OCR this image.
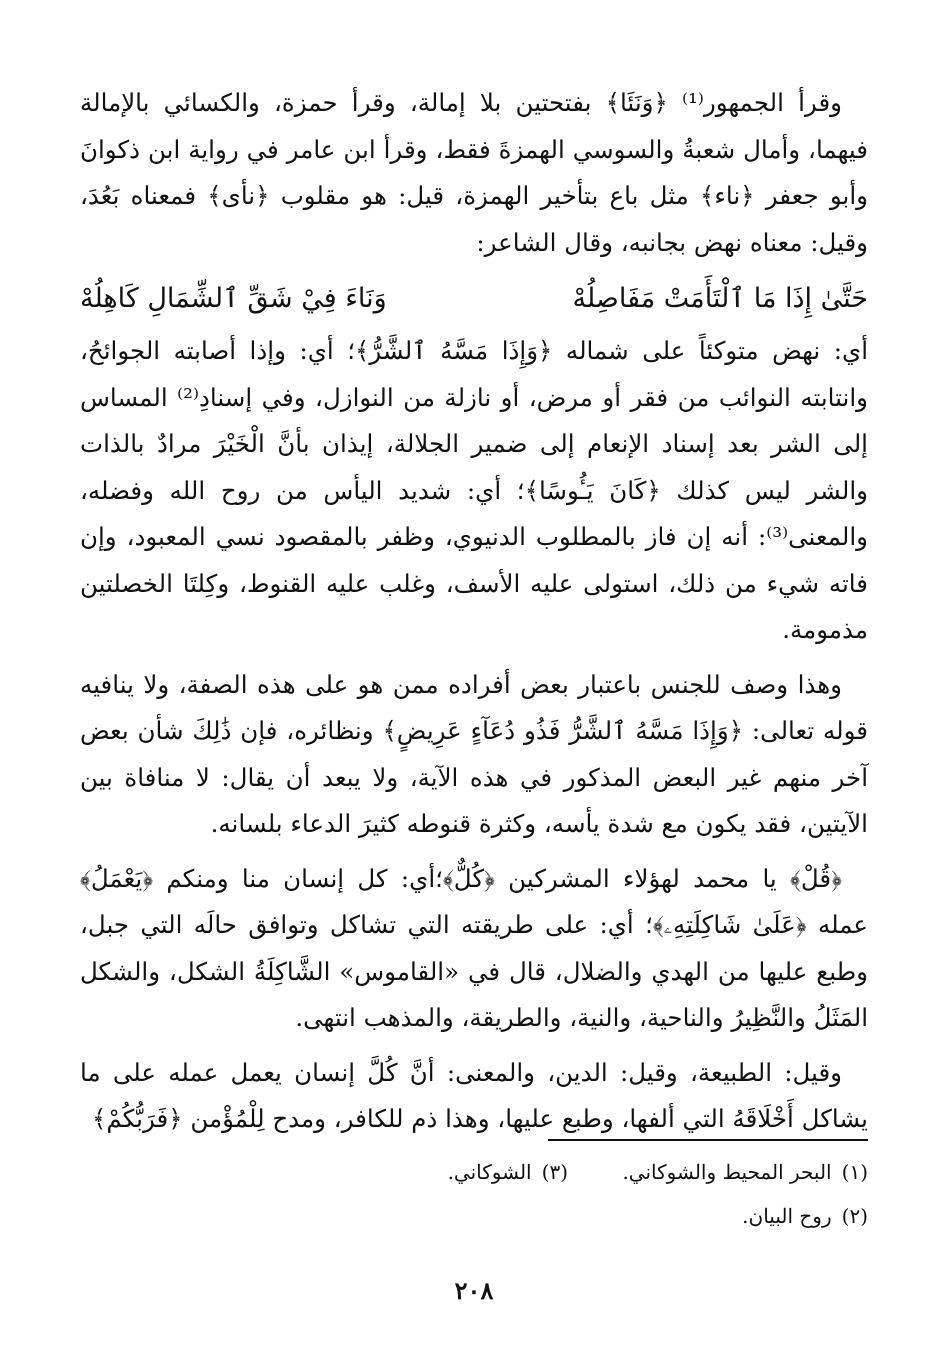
وقرأ الجمهور⁽¹⁾ ﴿وَنَئَا﴾ بفتحتين بلا إمالة، وقرأ حمزة، والكسائي بالإمالة فيهما، وأمال شعبةُ والسوسي الهمزةَ فقط، وقرأ ابن عامر في رواية ابن ذكوانَ وأبو جعفر ﴿ناء﴾ مثل باع بتأخير الهمزة، قيل: هو مقلوب ﴿نأى﴾ فمعناه بَعُدَ، وقيل: معناه نهض بجانبه، وقال الشاعر:

حَتَّىٰ إِذَا مَا ٱلْتَأَمَتْ مَفَاصِلُهْ
وَنَاءَ فِيْ شَقِّ ٱلشِّمَالِ كَاهِلُهْ

أي: نهض متوكئاً على شماله ﴿وَإِذَا مَسَّهُ ٱلشَّرُّ﴾؛ أي: وإذا أصابته الجوائحُ، وانتابته النوائب من فقر أو مرض، أو نازلة من النوازل، وفي إسنادِ⁽²⁾ المساس إلى الشر بعد إسناد الإنعام إلى ضمير الجلالة، إيذان بأنَّ الْخَيْرَ مرادٌ بالذات والشر ليس كذلك ﴿كَانَ يَـُٔوسًا﴾؛ أي: شديد اليأس من روح الله وفضله، والمعنى⁽³⁾: أنه إن فاز بالمطلوب الدنيوي، وظفر بالمقصود نسي المعبود، وإن فاته شيء من ذلك، استولى عليه الأسف، وغلب عليه القنوط، وكِلتَا الخصلتين مذمومة.

وهذا وصف للجنس باعتبار بعض أفراده ممن هو على هذه الصفة، ولا ينافيه قوله تعالى: ﴿وَإِذَا مَسَّهُ ٱلشَّرُّ فَذُو دُعَآءٍ عَرِيضٍ﴾ ونظائره، فإن ذَٰلِكَ شأن بعض آخر منهم غير البعض المذكور في هذه الآية، ولا يبعد أن يقال: لا منافاة بين الآيتين، فقد يكون مع شدة يأسه، وكثرة قنوطه كثيرَ الدعاء بلسانه.

﴿قُلْ﴾ يا محمد لهؤلاء المشركين ﴿كُلٌّ﴾؛أي: كل إنسان منا ومنكم ﴿يَعْمَلُ﴾ عمله ﴿عَلَىٰ شَاكِلَتِهِۦ﴾؛ أي: على طريقته التي تشاكل وتوافق حالَه التي جبل، وطبع عليها من الهدي والضلال، قال في «القاموس» الشَّاكِلَةُ الشكل، والشكل المَثَلُ والنَّظِيرُ والناحية، والنية، والطريقة، والمذهب انتهى.

وقيل: الطبيعة، وقيل: الدين، والمعنى: أنَّ كُلَّ إنسان يعمل عمله على ما يشاكل أَخْلَاقَهُ التي ألفها، وطبع عليها، وهذا ذم للكافر، ومدح لِلْمُؤْمن ﴿فَرَبُّكُمْ﴾

(١)البحر المحيط والشوكاني.
(٣)الشوكاني.
(٢)روح البيان.
٢٠٨
